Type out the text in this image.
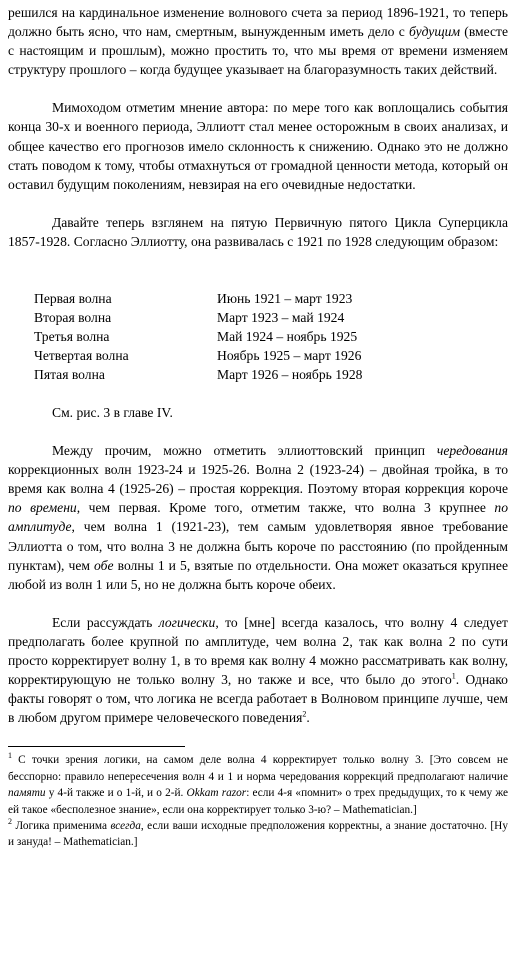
решился на кардинальное изменение волнового счета за период 1896-1921, то теперь должно быть ясно, что нам, смертным, вынужденным иметь дело с будущим (вместе с настоящим и прошлым), можно простить то, что мы время от времени изменяем структуру прошлого – когда будущее указывает на благоразумность таких действий.

Мимоходом отметим мнение автора: по мере того как воплощались события конца 30-х и военного периода, Эллиотт стал менее осторожным в своих анализах, и общее качество его прогнозов имело склонность к снижению. Однако это не должно стать поводом к тому, чтобы отмахнуться от громадной ценности метода, который он оставил будущим поколениям, невзирая на его очевидные недостатки.

Давайте теперь взглянем на пятую Первичную пятого Цикла Суперцикла 1857-1928. Согласно Эллиотту, она развивалась с 1921 по 1928 следующим образом:

Первая волна	Июнь 1921 – март 1923
Вторая волна	Март 1923 – май 1924
Третья волна	Май 1924 – ноябрь 1925
Четвертая волна	Ноябрь 1925 – март 1926
Пятая волна	Март 1926 – ноябрь 1928
См. рис. 3 в главе IV.

Между прочим, можно отметить эллиоттовский принцип чередования коррекционных волн 1923-24 и 1925-26. Волна 2 (1923-24) – двойная тройка, в то время как волна 4 (1925-26) – простая коррекция. Поэтому вторая коррекция короче по времени, чем первая. Кроме того, отметим также, что волна 3 крупнее по амплитуде, чем волна 1 (1921-23), тем самым удовлетворяя явное требование Эллиотта о том, что волна 3 не должна быть короче по расстоянию (по пройденным пунктам), чем обе волны 1 и 5, взятые по отдельности. Она может оказаться крупнее любой из волн 1 или 5, но не должна быть короче обеих.

Если рассуждать логически, то [мне] всегда казалось, что волну 4 следует предполагать более крупной по амплитуде, чем волна 2, так как волна 2 по сути просто корректирует волну 1, в то время как волну 4 можно рассматривать как волну, корректирующую не только волну 3, но также и все, что было до этого$^1$. Однако факты говорят о том, что логика не всегда работает в Волновом принципе лучше, чем в любом другом примере человеческого поведения$^2$.

$^1$ С точки зрения логики, на самом деле волна 4 корректирует только волну 3. [Это совсем не бесспорно: правило непересечения волн 4 и 1 и норма чередования коррекций предполагают наличие памяти у 4-й также и о 1-й, и о 2-й. Okkam razor: если 4-я «помнит» о трех предыдущих, то к чему же ей такое «бесполезное знание», если она корректирует только 3-ю? – Mathematician.]

$^2$ Логика применима всегда, если ваши исходные предположения корректны, а знание достаточно. [Ну и зануда! – Mathematician.]
